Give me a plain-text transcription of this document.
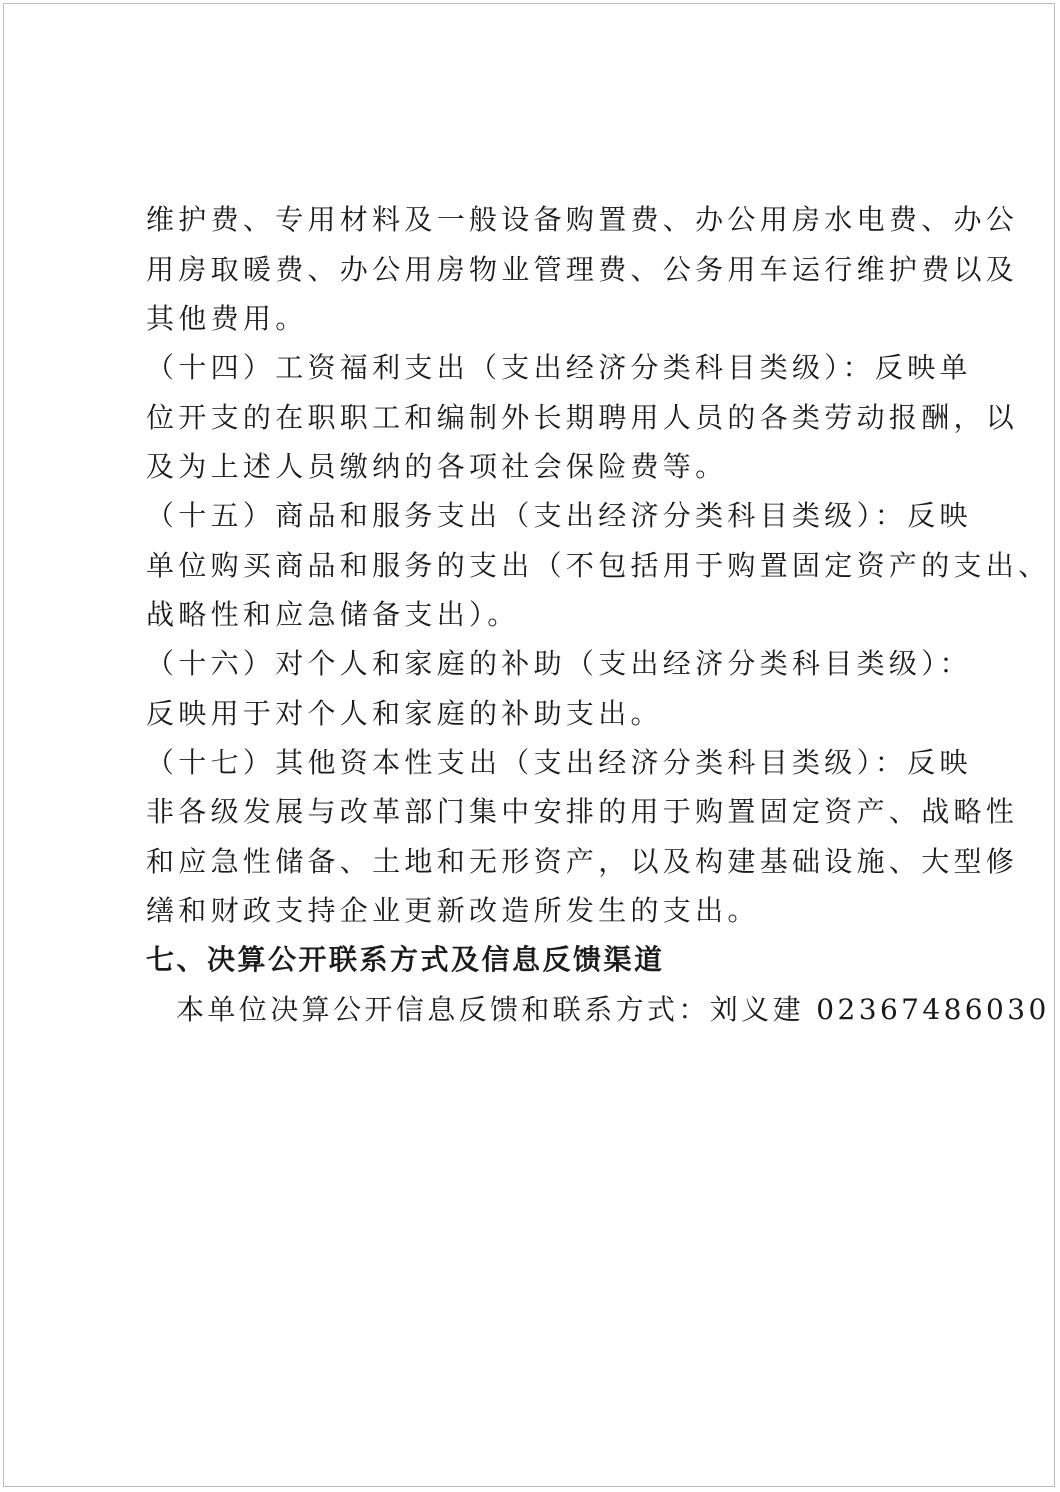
维护费、专用材料及一般设备购置费、办公用房水电费、办公
用房取暖费、办公用房物业管理费、公务用车运行维护费以及
其他费用。
（十四）工资福利支出（支出经济分类科目类级）：反映单
位开支的在职职工和编制外长期聘用人员的各类劳动报酬，以
及为上述人员缴纳的各项社会保险费等。
（十五）商品和服务支出（支出经济分类科目类级）：反映
单位购买商品和服务的支出（不包括用于购置固定资产的支出、
战略性和应急储备支出）。
（十六）对个人和家庭的补助（支出经济分类科目类级）：
反映用于对个人和家庭的补助支出。
（十七）其他资本性支出（支出经济分类科目类级）：反映
非各级发展与改革部门集中安排的用于购置固定资产、战略性
和应急性储备、土地和无形资产，以及构建基础设施、大型修
缮和财政支持企业更新改造所发生的支出。
七、决算公开联系方式及信息反馈渠道
本单位决算公开信息反馈和联系方式：刘义建 02367486030
